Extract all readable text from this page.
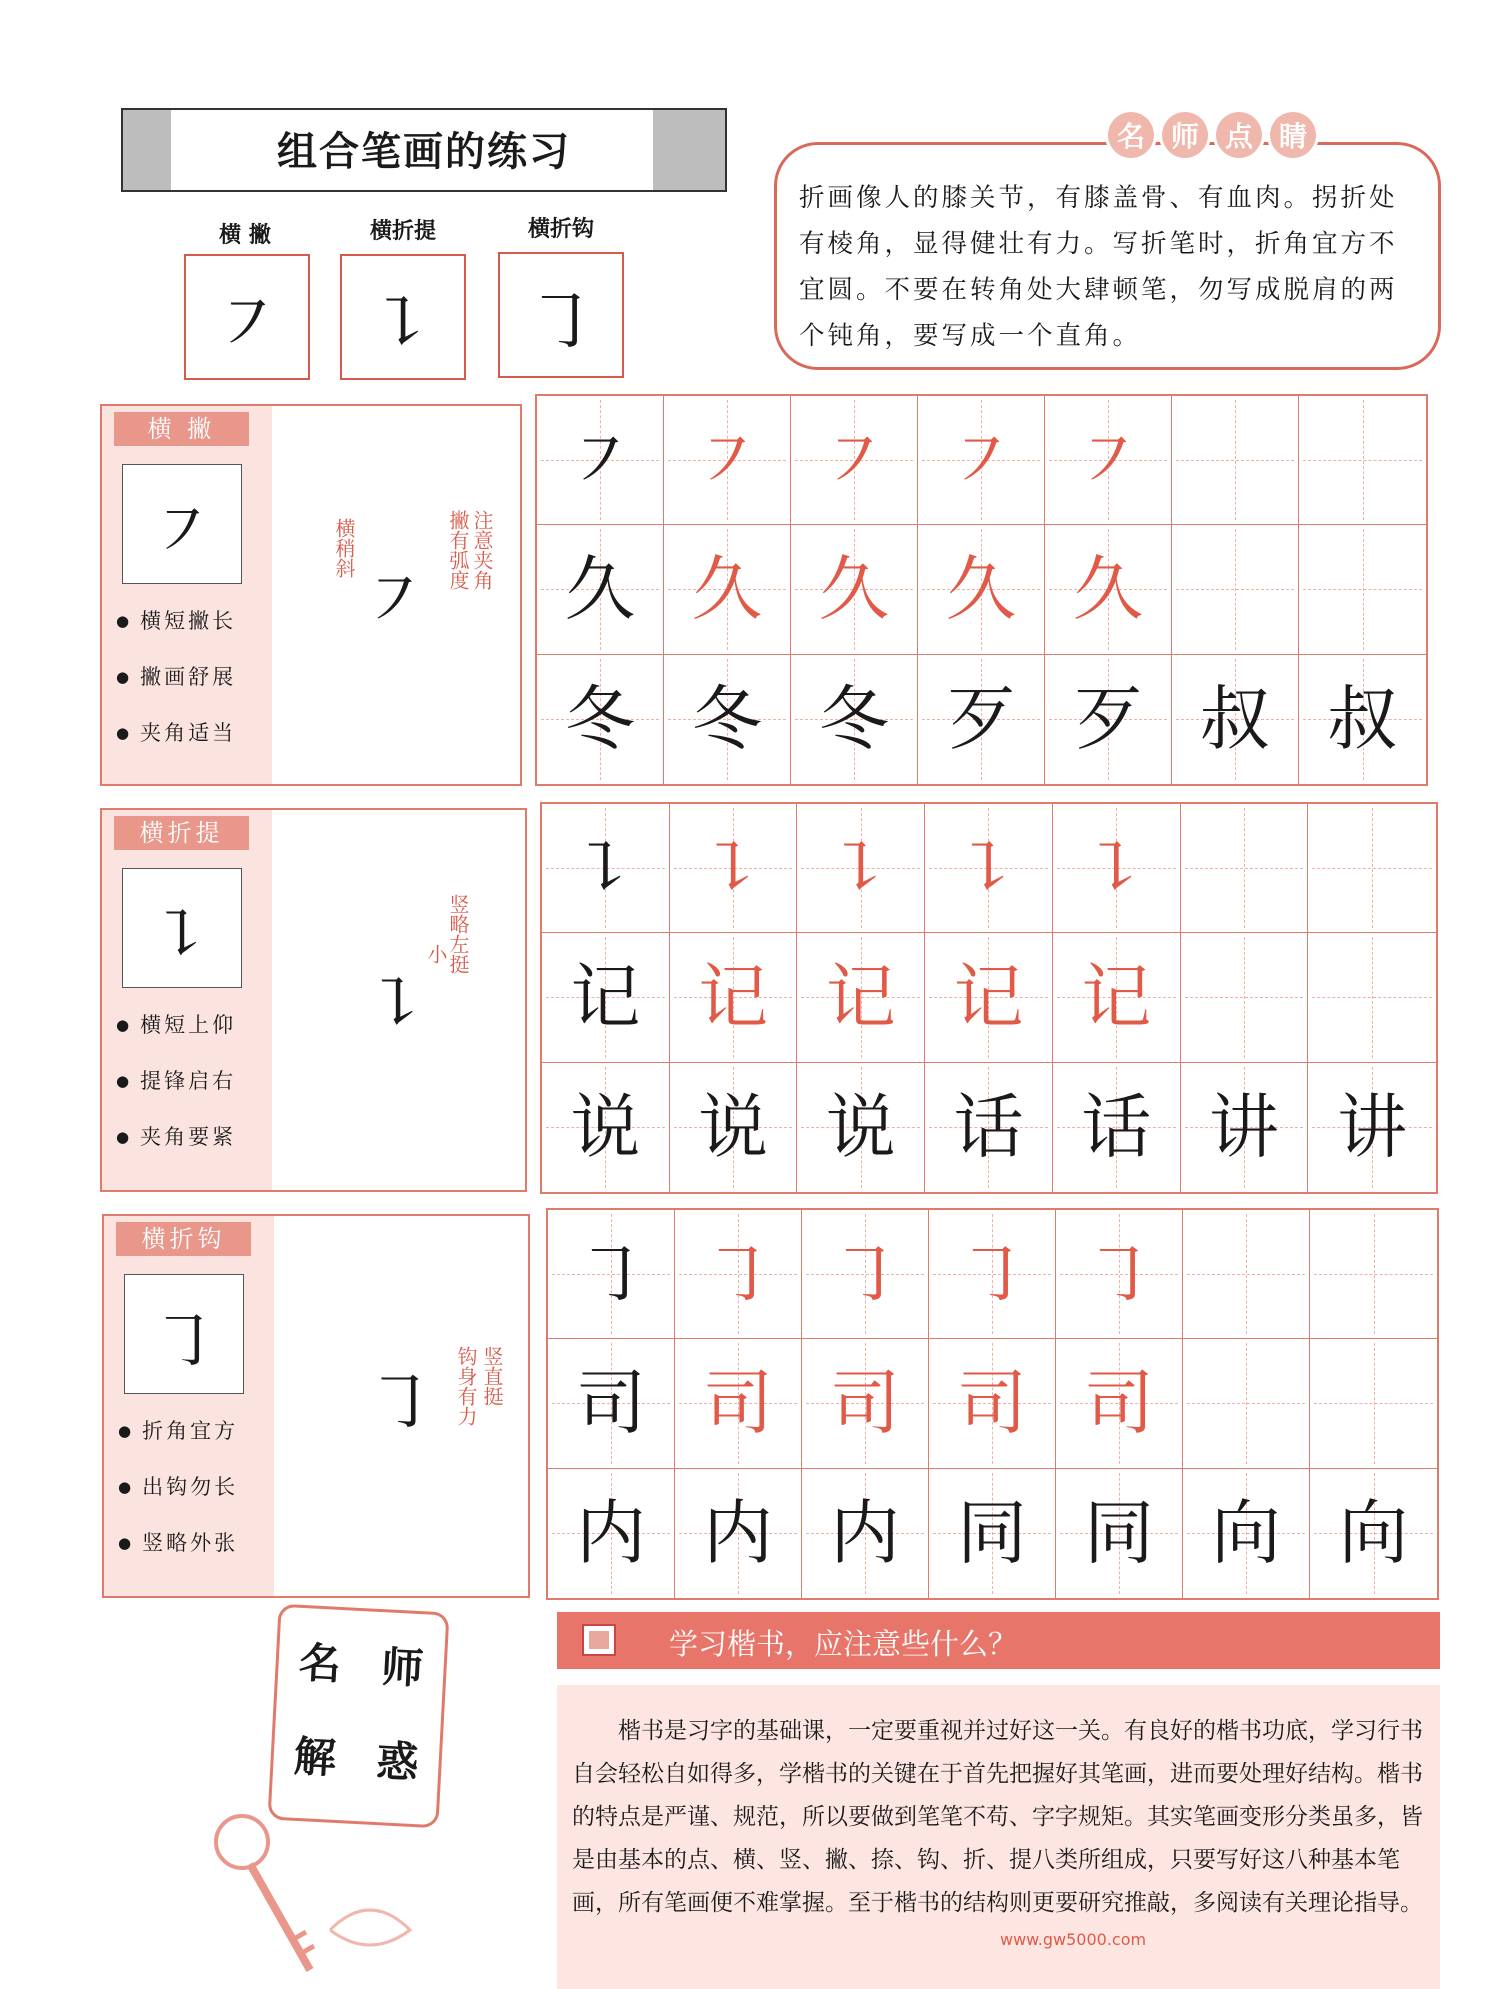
组合笔画的练习
横 撇	横折提	横折钩
㇇ ㇊ ㇆
折画像人的膝关节，有膝盖骨、有血肉。拐折处有棱角，显得健壮有力。写折笔时，折角宜方不宜圆。不要在转角处大肆顿笔，勿写成脱肩的两个钝角，要写成一个直角。
名 师 点 睛
横 撇
㇇
● 横短撇长
● 撇画舒展
● 夹角适当
横稍斜
㇇
撇有弧度 注意夹角
㇇ ㇇ ㇇ ㇇ ㇇
久 久 久 久 久
冬 冬 冬 歹 歹 叔 叔
横折提
㇊
● 横短上仰
● 提锋启右
● 夹角要紧
㇊
小
竖略左挺
㇊ ㇊ ㇊ ㇊ ㇊
记 记 记 记 记
说 说 说 话 话 讲 讲
横折钩
㇆
● 折角宜方
● 出钩勿长
● 竖略外张
㇆ 钩身有力 竖直挺
㇆ ㇆ ㇆ ㇆ ㇆
司 司 司 司 司
内 内 内 同 同 向 向
名 师
解 惑
学习楷书，应注意些什么？
楷书是习字的基础课，一定要重视并过好这一关。有良好的楷书功底，学习行书自会轻松自如得多，学楷书的关键在于首先把握好其笔画，进而要处理好结构。楷书的特点是严谨、规范，所以要做到笔笔不苟、字字规矩。其实笔画变形分类虽多，皆是由基本的点、横、竖、撇、捺、钩、折、提八类所组成，只要写好这八种基本笔画，所有笔画便不难掌握。至于楷书的结构则更要研究推敲，多阅读有关理论指导。
www.gw5000.com
